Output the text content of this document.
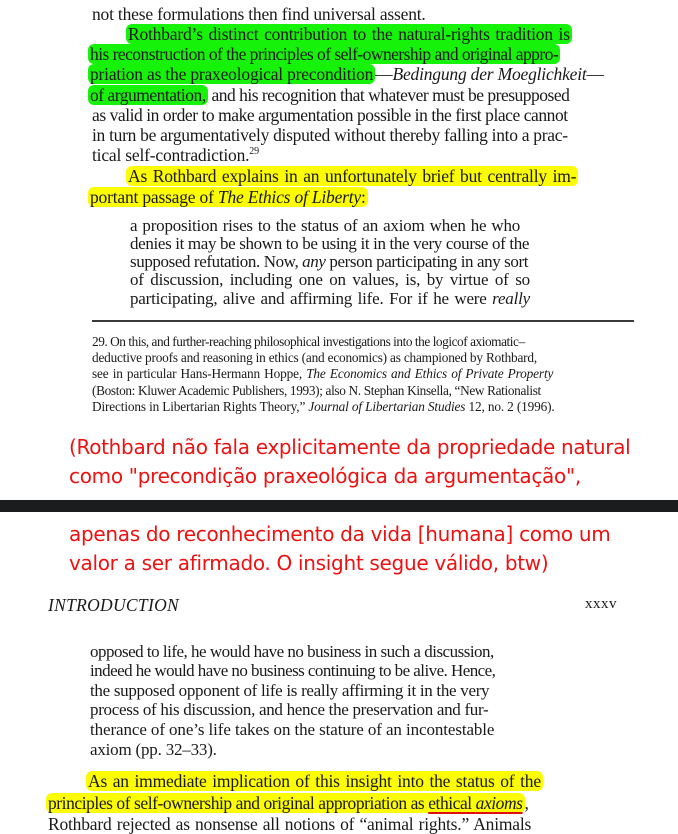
not these formulations then find universal assent.
Rothbard’s distinct contribution to the natural-rights tradition is
his reconstruction of the principles of self-ownership and original appro-
priation as the praxeological precondition —Bedingung der Moeglichkeit—
of argumentation, and his recognition that whatever must be presupposed
as valid in order to make argumentation possible in the first place cannot
in turn be argumentatively disputed without thereby falling into a prac-
tical self-contradiction.$^{29}$
As Rothbard explains in an unfortunately brief but centrally im-
portant passage of The Ethics of Liberty:
a proposition rises to the status of an axiom when he who
denies it may be shown to be using it in the very course of the
supposed refutation. Now, any person participating in any sort
of discussion, including one on values, is, by virtue of so
participating, alive and affirming life. For if he were really
29. On this, and further-reaching philosophical investigations into the logicof axiomatic–
deductive proofs and reasoning in ethics (and economics) as championed by Rothbard,
see in particular Hans-Hermann Hoppe, The Economics and Ethics of Private Property
(Boston: Kluwer Academic Publishers, 1993); also N. Stephan Kinsella, “New Rationalist
Directions in Libertarian Rights Theory,” Journal of Libertarian Studies 12, no. 2 (1996).
(Rothbard não fala explicitamente da propriedade natural
como "precondição praxeológica da argumentação",
apenas do reconhecimento da vida [humana] como um
valor a ser afirmado. O insight segue válido, btw)
INTRODUCTION	xxxv
opposed to life, he would have no business in such a discussion,
indeed he would have no business continuing to be alive. Hence,
the supposed opponent of life is really affirming it in the very
process of his discussion, and hence the preservation and fur-
therance of one’s life takes on the stature of an incontestable
axiom (pp. 32–33).
As an immediate implication of this insight into the status of the
principles of self-ownership and original appropriation as ethical axioms ,
Rothbard rejected as nonsense all notions of “animal rights.” Animals
